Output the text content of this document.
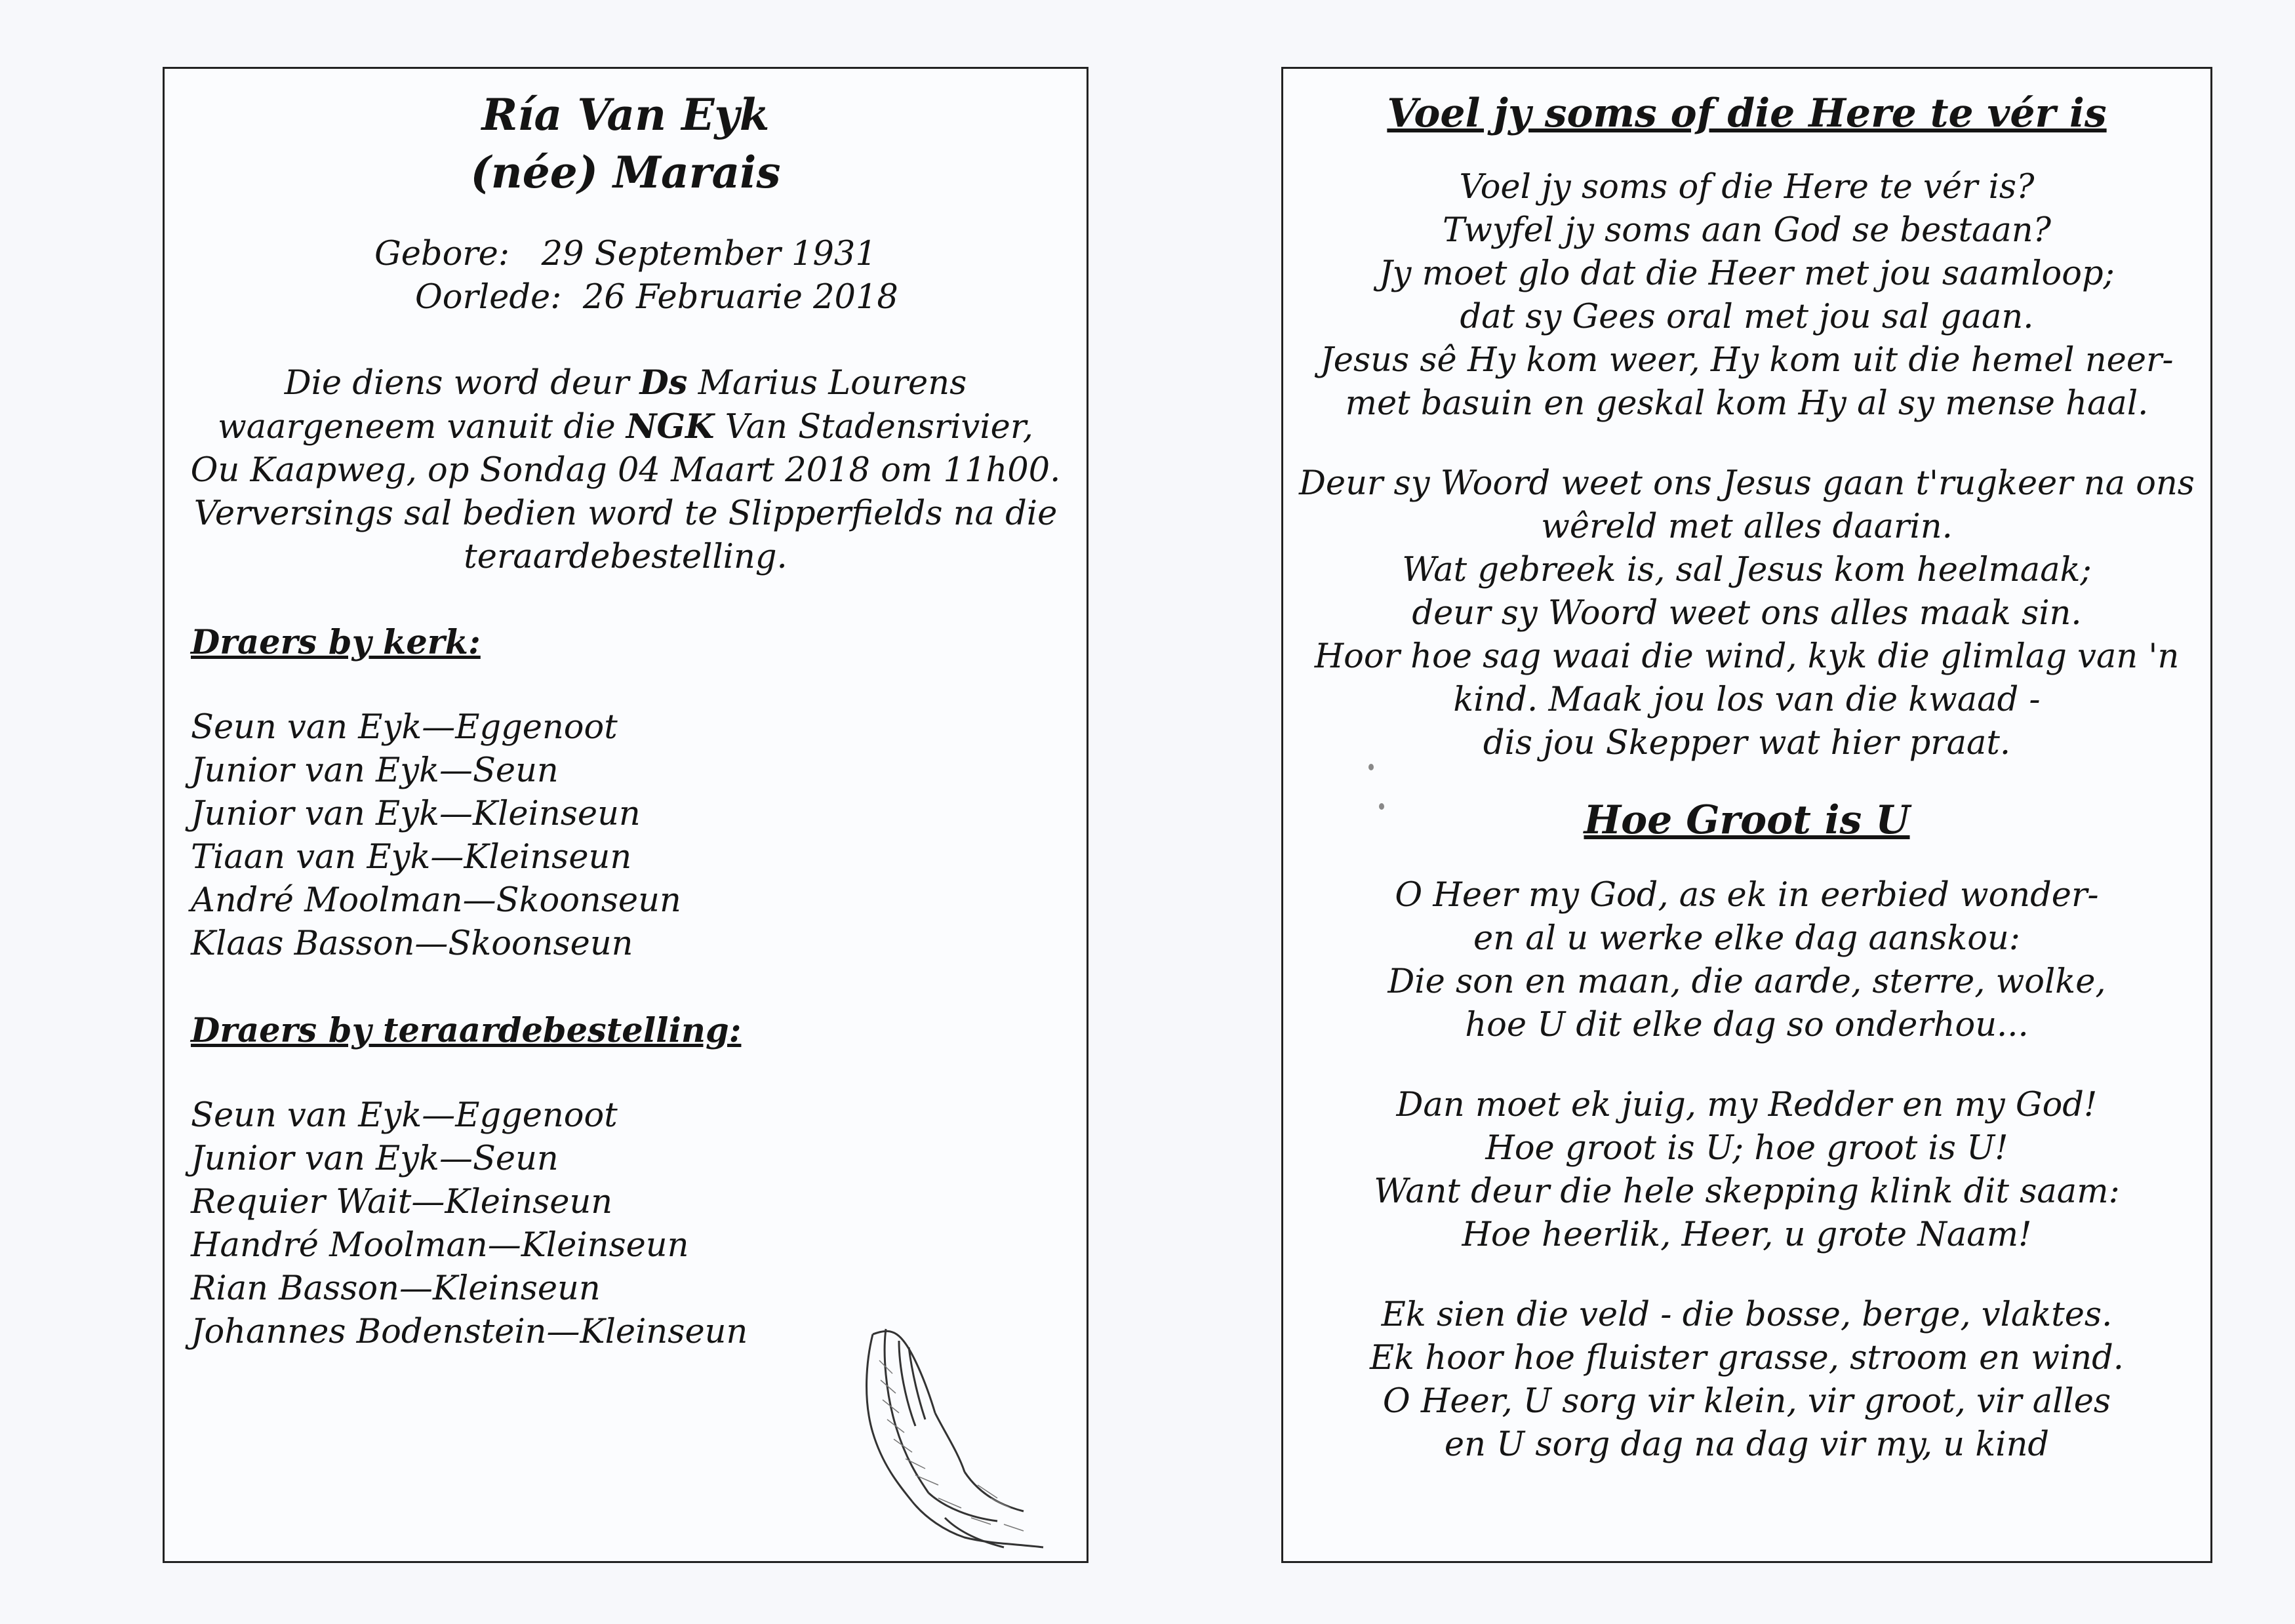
Ría Van Eyk

(née) Marais

Gebore: 29 September 1931
Oorlede: 26 Februarie 2018

Die diens word deur Ds Marius Lourens

waargeneem vanuit die NGK Van Stadensrivier,

Ou Kaapweg, op Sondag 04 Maart 2018 om 11h00.

Verversings sal bedien word te Slipperfields na die

teraardebestelling.

Draers by kerk:

Seun van Eyk—Eggenoot
Junior van Eyk—Seun
Junior van Eyk—Kleinseun
Tiaan van Eyk—Kleinseun
André Moolman—Skoonseun
Klaas Basson—Skoonseun

Draers by teraardebestelling:

Seun van Eyk—Eggenoot
Junior van Eyk—Seun
Requier Wait—Kleinseun
Handré Moolman—Kleinseun
Rian Basson—Kleinseun
Johannes Bodenstein—Kleinseun

Voel jy soms of die Here te vér is

Voel jy soms of die Here te vér is?
Twyfel jy soms aan God se bestaan?
Jy moet glo dat die Heer met jou saamloop;
dat sy Gees oral met jou sal gaan.
Jesus sê Hy kom weer, Hy kom uit die hemel neer-
met basuin en geskal kom Hy al sy mense haal.
Deur sy Woord weet ons Jesus gaan t'rugkeer na ons
wêreld met alles daarin.
Wat gebreek is, sal Jesus kom heelmaak;
deur sy Woord weet ons alles maak sin.
Hoor hoe sag waai die wind, kyk die glimlag van 'n
kind. Maak jou los van die kwaad -
dis jou Skepper wat hier praat.

Hoe Groot is U

O Heer my God, as ek in eerbied wonder-
en al u werke elke dag aanskou:
Die son en maan, die aarde, sterre, wolke,
hoe U dit elke dag so onderhou...
Dan moet ek juig, my Redder en my God!
Hoe groot is U; hoe groot is U!
Want deur die hele skepping klink dit saam:
Hoe heerlik, Heer, u grote Naam!
Ek sien die veld - die bosse, berge, vlaktes.
Ek hoor hoe fluister grasse, stroom en wind.
O Heer, U sorg vir klein, vir groot, vir alles
en U sorg dag na dag vir my, u kind
